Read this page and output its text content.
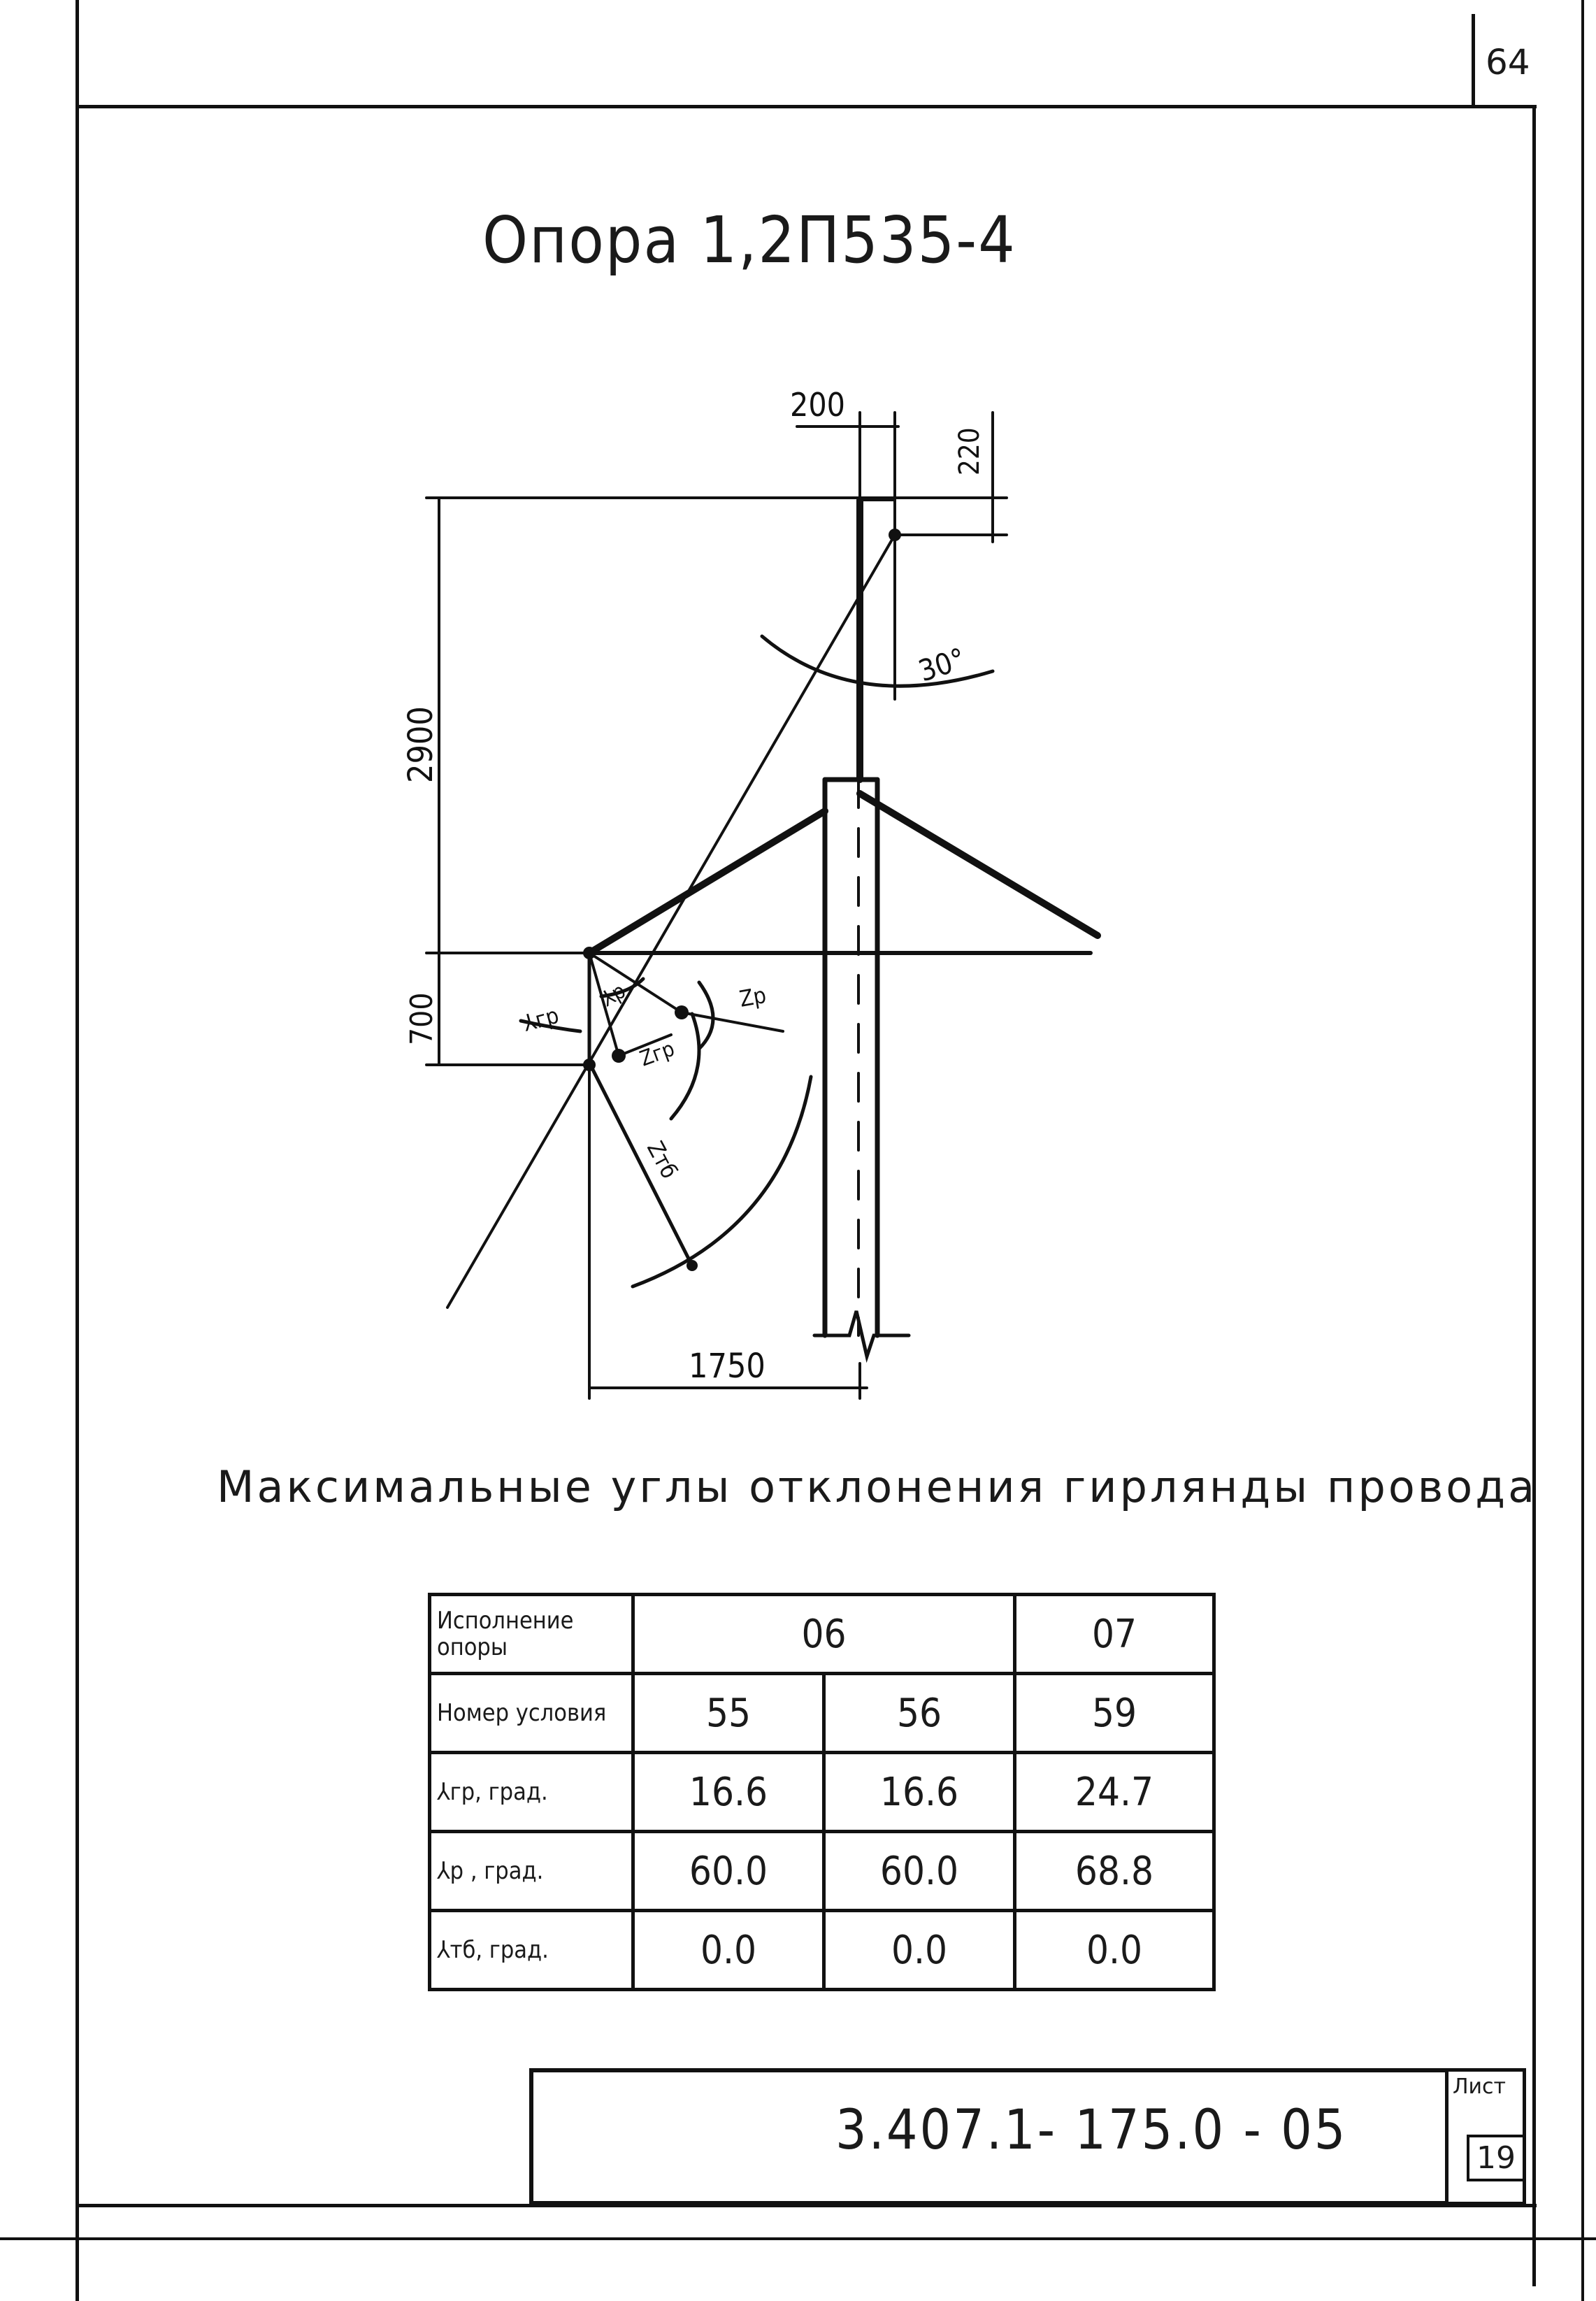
64
Опора 1,2П535-4
200
220
2900
700
1750
30°
⅄гр
⅄р
Zгр
Zр
Zтб
Максимальные углы отклонения гирлянды провода
Исполнение опоры	06		07
Номер условия	55	56	59
⅄гр, град.	16.6	16.6	24.7
⅄р , град.	60.0	60.0	68.8
⅄тб, град.	0.0	0.0	0.0
3.407.1- 175.0 - 05
Лист
19
